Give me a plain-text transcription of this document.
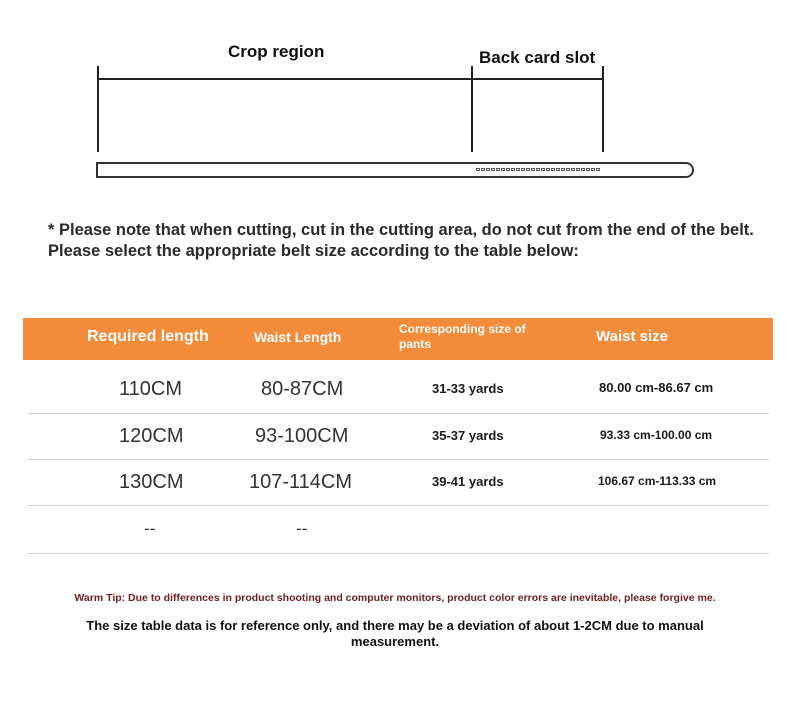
Crop region	Back card slot
* Please note that when cutting, cut in the cutting area, do not cut from the end of the belt. Please select the appropriate belt size according to the table below:
Required length	Waist Length	Corresponding size of pants	Waist size
110CM	80-87CM	31-33 yards	80.00 cm-86.67 cm
120CM	93-100CM	35-37 yards	93.33 cm-100.00 cm
130CM	107-114CM	39-41 yards	106.67 cm-113.33 cm
--	--
Warm Tip: Due to differences in product shooting and computer monitors, product color errors are inevitable, please forgive me.
The size table data is for reference only, and there may be a deviation of about 1-2CM due to manual measurement.
